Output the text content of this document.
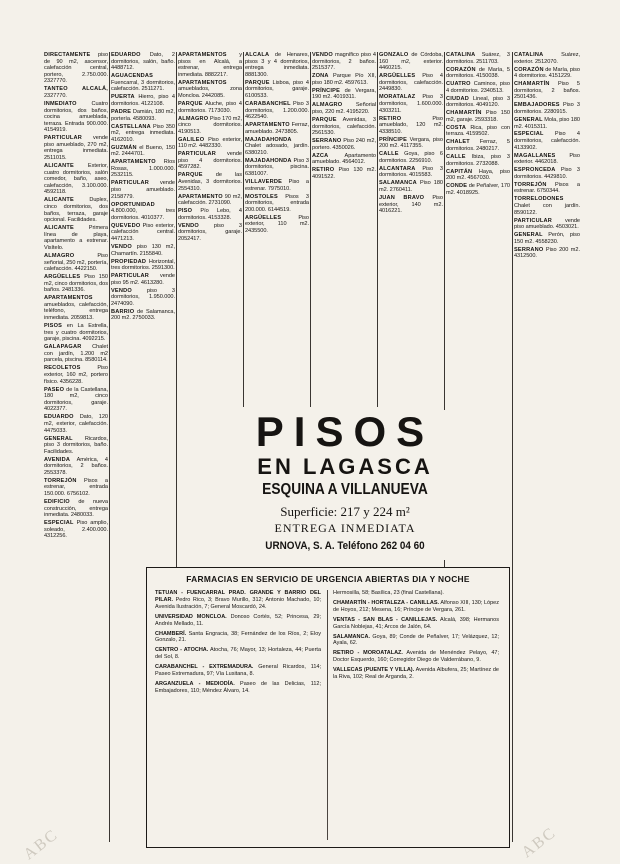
DIRECTAMENTE piso de 90 m2, ascensor, calefacción central, portero, 2.750.000. 2327770.

TANTEO ALCALÁ, 2327770.

INMEDIATO	Cuatro dormitorios, dos baños, cocina amueblada, terraza. Entrada 900.000. 4154919.

PARTICULAR vende piso amueblado, 270 m2, entrega inmediata. 2511015.

ALICANTE	Exterior, cuatro dormitorios, salón comedor, baño, aseo, calefacción, 3.100.000. 4592118.

ALICANTE	Duplex, cinco dormitorios, dos baños, terraza, garaje opcional. Facilidades.

ALICANTE	Primera línea de playa, apartamento a estrenar. Visítelo.

ALMAGRO	Piso señorial, 250 m2, portería, calefacción. 4422150.

ARGÜELLES Piso 150 m2, cinco dormitorios, dos baños. 2481336.

APARTAMENTOS amueblados, calefacción, teléfono, entrega inmediata. 2059813.

PISOS en La Estrella, tres y cuatro dormitorios, garaje, piscina. 4092215.

GALAPAGAR Chalet con jardín, 1.200 m2 parcela, piscina. 8580114.

RECOLETOS	Piso exterior, 160 m2, portero físico. 4356228.

PASEO de la Castellana, 180 m2, cinco dormitorios, garaje. 4022377.

EDUARDO Dato, 120 m2, exterior, calefacción. 4475033.

GENERAL Ricardos, piso 3 dormitorios, baño. Facilidades.

AVENIDA América, 4 dormitorios, 2 baños. 2553378.

TORREJÓN Pisos a estrenar, entrada 150.000. 6756102.

EDIFICIO de nueva construcción, entrega inmediata. 2480033.

ESPECIAL Piso amplio, soleado, 2.400.000. 4312256.

EDUARDO Dato, 2 dormitorios, salón, baño. 4488712.

AGUACENDAS Fuencarral, 3 dormitorios, calefacción. 2511271.

PUERTA Hierro, piso 4 dormitorios. 4122108.

PADRE Damián, 180 m2, portería. 4580093.

CASTELLANA Piso 350 m2, entrega inmediata. 4162010.

GUZMÁN el Bueno, 150 m2. 2444701.

APARTAMENTO Ríos Rosas, 1.000.000. 2532115.

PARTICULAR vende piso amueblado. 2158779.

OPORTUNIDAD 4.800.000, tres dormitorios. 4010377.

QUEVEDO Piso exterior, calefacción central. 4471213.

VENDO piso 130 m2, Chamartín. 2155840.

PROPIEDAD Horizontal, tres dormitorios. 2591300.

PARTICULAR vende piso 95 m2. 4613280.

VENDO	piso 3 dormitorios, 1.950.000. 2474090.

BARRIO de Salamanca, 200 m2. 2750033.

APARTAMENTOS y pisos en Alcalá, a estrenar, entrega inmediata. 8882217.

APARTAMENTOS amueblados, zona Moncloa. 2442085.

PARQUE Aluche, piso 4 dormitorios. 7173030.

ALMAGRO Piso 170 m2, cinco dormitorios. 4190513.

GALILEO Piso exterior, 110 m2. 4482330.

PARTICULAR vende piso 4 dormitorios. 4597282.

PARQUE de las Avenidas, 3 dormitorios. 2554310.

APARTAMENTO 90 m2, calefacción. 2731090.

PISO Pío Lebo, 4 dormitorios. 4153328.

VENDO	piso 3 dormitorios, garaje. 2052417.

ALCALÁ de Henares, pisos 3 y 4 dormitorios, entrega inmediata. 8881300.

PARQUE Lisboa, piso 4 dormitorios, garaje. 6100533.

CARABANCHEL Piso 3 dormitorios, 1.200.000. 4622540.

APARTAMENTO Ferraz, amueblado. 2473805.

MAJADAHONDA Chalet adosado, jardín. 6380210.

MAJADAHONDA Piso 3 dormitorios, piscina. 6381007.

VILLAVERDE Piso a estrenar. 7975010.

MOSTOLES Pisos 3 dormitorios, entrada 200.000. 6144519.

ARGÜELLES	Piso exterior, 110 m2. 2435500.

VENDO magnífico piso 4 dormitorios, 2 baños. 2515377.

ZONA Parque Pío XII, piso 180 m2. 4597613.

PRÍNCIPE de Vergara, 190 m2. 4019311.

ALMAGRO Señorial piso, 220 m2. 4195220.

PARQUE Avenidas, 3 dormitorios, calefacción. 2561530.

SERRANO Piso 240 m2, portero. 4350026.

AZCA	Apartamento amueblado. 4564012.

RETIRO Piso 130 m2. 4091522.

GONZALO de Córdoba, 160 m2, exterior. 4460215.

ARGÜELLES Piso 4 dormitorios, calefacción. 2449830.

MORATALAZ Piso 3 dormitorios, 1.600.000. 4303211.

RETIRO	Piso amueblado, 120 m2. 4338510.

PRÍNCIPE Vergara, piso 200 m2. 4117355.

CALLE Goya, piso 6 dormitorios. 2256910.

ALCANTARA Piso 3 dormitorios. 4015583.

SALAMANCA Piso 180 m2. 2760411.

JUAN BRAVO Piso exterior, 140 m2. 4016221.

CATALINA Suárez, 3 dormitorios. 2511703.

CORAZÓN de María, 5 dormitorios. 4150038.

CUATRO Caminos, piso 4 dormitorios. 2340513.

CIUDAD Lineal, piso 3 dormitorios. 4049120.

CHAMARTÍN Piso 150 m2, garaje. 2593318.

COSTA Rica, piso con terraza. 4159502.

CHALET Ferraz, 5 dormitorios. 2480217.

CALLE Ibiza, piso 3 dormitorios. 2732088.

CAPITÁN Haya, piso 200 m2. 4567030.

CONDE de Peñalver, 170 m2. 4018925.

CATALINA	Suárez, exterior. 2512070.

CORAZÓN de María, piso 4 dormitorios. 4151229.

CHAMARTÍN Piso 5 dormitorios, 2 baños. 2501436.

EMBAJADORES Piso 3 dormitorios. 2280915.

GENERAL Mola, piso 180 m2. 4015311.

ESPECIAL Piso 4 dormitorios, calefacción. 4133902.

MAGALLANES Piso exterior. 4462018.

ESPRONCEDA Piso 3 dormitorios. 4429810.

TORREJÓN Pisos a estrenar. 6750344.

TORRELODONES Chalet con jardín. 8590122.

PARTICULAR vende piso amueblado. 4503021.

GENERAL Perón, piso 150 m2. 4558230.

SERRANO Piso 200 m2. 4312500.

PISOS
EN LAGASCA
ESQUINA A VILLANUEVA
Superficie: 217 y 224 m²
ENTREGA INMEDIATA
URNOVA, S. A. Teléfono 262 04 60
FARMACIAS EN SERVICIO DE URGENCIA ABIERTAS DIA Y NOCHE
TETUÁN - FUENCARRAL PRAD. GRANDE Y BARRIO DEL PILAR. Pedro Rico, 3; Bravo Murillo, 312; Antonio Machado, 10; Avenida Ilustración, 7; General Moscardó, 24.
UNIVERSIDAD MONCLOA. Donoso Cortés, 52; Princesa, 29; Andrés Mellado, 11.
CHAMBERÍ. Santa Engracia, 38; Fernández de los Ríos, 2; Eloy Gonzalo, 21.
CENTRO - ATOCHA. Atocha, 76; Mayor, 13; Hortaleza, 44; Puerta del Sol, 8.
CARABANCHEL - EXTREMADURA. General Ricardos, 114; Paseo Extremadura, 97; Vía Lusitana, 8.
ARGANZUELA - MEDIODÍA. Paseo de las Delicias, 112; Embajadores, 110; Méndez Álvaro, 14.
Hermosilla, 58; Basílica, 23 (final Castellana).
CHAMARTÍN - HORTALEZA - CANILLAS. Alfonso XIII, 130; López de Hoyos, 212; Mesena, 16; Príncipe de Vergara, 261.
VENTAS - SAN BLAS - CANILLEJAS. Alcalá, 398; Hermanos García Noblejas, 41; Arcos de Jalón, 64.
SALAMANCA. Goya, 89; Conde de Peñalver, 17; Velázquez, 12; Ayala, 62.
RETIRO - MOROATALAZ. Avenida de Menéndez Pelayo, 47; Doctor Esquerdo, 160; Corregidor Diego de Valderrábano, 9.
VALLECAS (PUENTE Y VILLA). Avenida Albufera, 25; Martínez de la Riva, 102; Real de Arganda, 2.
ABC	ABC
